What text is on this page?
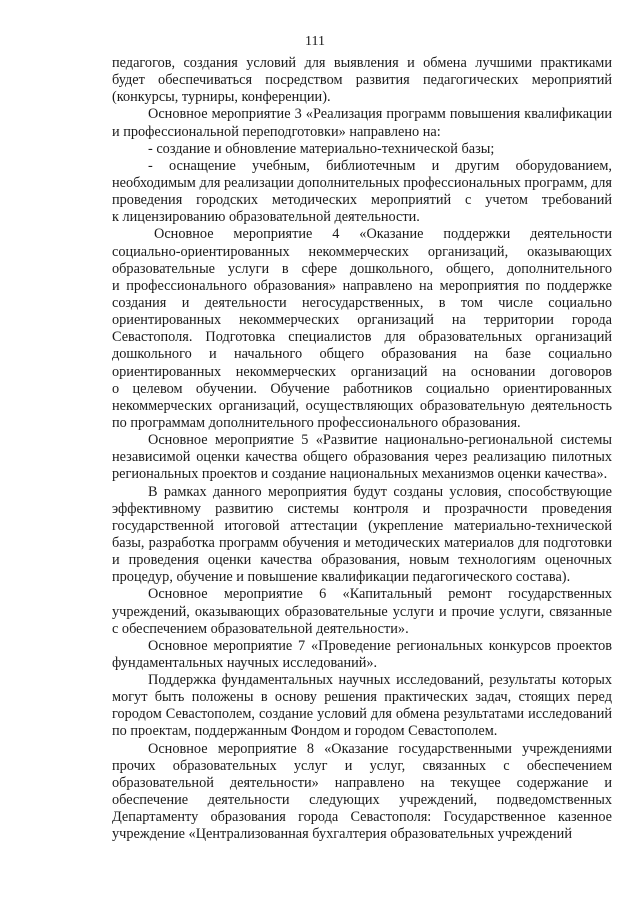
111
педагогов, создания условий для выявления и обмена лучшими практиками
будет обеспечиваться посредством развития педагогических мероприятий
(конкурсы, турниры, конференции).
Основное мероприятие 3 «Реализация программ повышения квалификации
и профессиональной переподготовки» направлено на:
- создание и обновление материально-технической базы;
- оснащение учебным, библиотечным и другим оборудованием,
необходимым для реализации дополнительных профессиональных программ, для
проведения городских методических мероприятий с учетом требований
к лицензированию образовательной деятельности.
Основное мероприятие 4 «Оказание поддержки деятельности
социально-ориентированных некоммерческих организаций, оказывающих
образовательные услуги в сфере дошкольного, общего, дополнительного
и профессионального образования» направлено на мероприятия по поддержке
создания и деятельности негосударственных, в том числе социально
ориентированных некоммерческих организаций на территории города
Севастополя. Подготовка специалистов для образовательных организаций
дошкольного и начального общего образования на базе социально
ориентированных некоммерческих организаций на основании договоров
о целевом обучении. Обучение работников социально ориентированных
некоммерческих организаций, осуществляющих образовательную деятельность
по программам дополнительного профессионального образования.
Основное мероприятие 5 «Развитие национально-региональной системы
независимой оценки качества общего образования через реализацию пилотных
региональных проектов и создание национальных механизмов оценки качества».
В рамках данного мероприятия будут созданы условия, способствующие
эффективному развитию системы контроля и прозрачности проведения
государственной итоговой аттестации (укрепление материально-технической
базы, разработка программ обучения и методических материалов для подготовки
и проведения оценки качества образования, новым технологиям оценочных
процедур, обучение и повышение квалификации педагогического состава).
Основное мероприятие 6 «Капитальный ремонт государственных
учреждений, оказывающих образовательные услуги и прочие услуги, связанные
с обеспечением образовательной деятельности».
Основное мероприятие 7 «Проведение региональных конкурсов проектов
фундаментальных научных исследований».
Поддержка фундаментальных научных исследований, результаты которых
могут быть положены в основу решения практических задач, стоящих перед
городом Севастополем, создание условий для обмена результатами исследований
по проектам, поддержанным Фондом и городом Севастополем.
Основное мероприятие 8 «Оказание государственными учреждениями
прочих образовательных услуг и услуг, связанных с обеспечением
образовательной деятельности» направлено на текущее содержание и
обеспечение деятельности следующих учреждений, подведомственных
Департаменту образования города Севастополя: Государственное казенное
учреждение «Централизованная бухгалтерия образовательных учреждений
